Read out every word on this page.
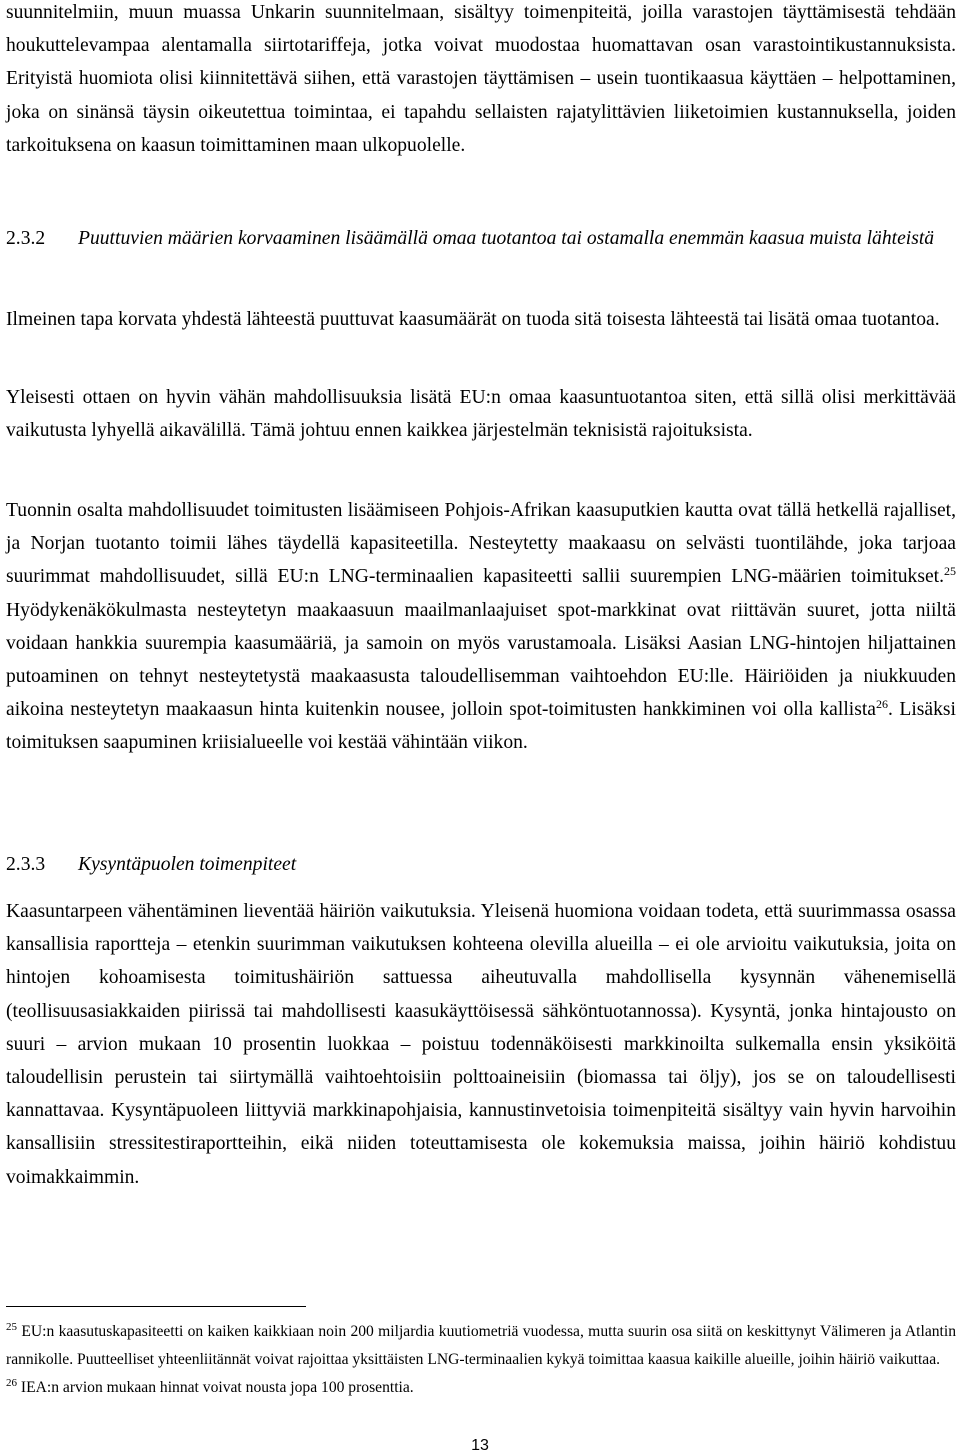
suunnitelmiin, muun muassa Unkarin suunnitelmaan, sisältyy toimenpiteitä, joilla varastojen täyttämisestä tehdään houkuttelevampaa alentamalla siirtotariffeja, jotka voivat muodostaa huomattavan osan varastointikustannuksista. Erityistä huomiota olisi kiinnitettävä siihen, että varastojen täyttämisen – usein tuontikaasua käyttäen – helpottaminen, joka on sinänsä täysin oikeutettua toimintaa, ei tapahdu sellaisten rajatylittävien liiketoimien kustannuksella, joiden tarkoituksena on kaasun toimittaminen maan ulkopuolelle.

2.3.2 Puuttuvien määrien korvaaminen lisäämällä omaa tuotantoa tai ostamalla enemmän kaasua muista lähteistä

Ilmeinen tapa korvata yhdestä lähteestä puuttuvat kaasumäärät on tuoda sitä toisesta lähteestä tai lisätä omaa tuotantoa.

Yleisesti ottaen on hyvin vähän mahdollisuuksia lisätä EU:n omaa kaasuntuotantoa siten, että sillä olisi merkittävää vaikutusta lyhyellä aikavälillä. Tämä johtuu ennen kaikkea järjestelmän teknisistä rajoituksista.

Tuonnin osalta mahdollisuudet toimitusten lisäämiseen Pohjois-Afrikan kaasuputkien kautta ovat tällä hetkellä rajalliset, ja Norjan tuotanto toimii lähes täydellä kapasiteetilla. Nesteytetty maakaasu on selvästi tuontilähde, joka tarjoaa suurimmat mahdollisuudet, sillä EU:n LNG-terminaalien kapasiteetti sallii suurempien LNG-määrien toimitukset.$^{25}$ Hyödykenäkökulmasta nesteytetyn maakaasuun maailmanlaajuiset spot-markkinat ovat riittävän suuret, jotta niiltä voidaan hankkia suurempia kaasumääriä, ja samoin on myös varustamoala. Lisäksi Aasian LNG-hintojen hiljattainen putoaminen on tehnyt nesteytetystä maakaasusta taloudellisemman vaihtoehdon EU:lle. Häiriöiden ja niukkuuden aikoina nesteytetyn maakaasun hinta kuitenkin nousee, jolloin spot-toimitusten hankkiminen voi olla kallista$^{26}$. Lisäksi toimituksen saapuminen kriisialueelle voi kestää vähintään viikon.

2.3.3 Kysyntäpuolen toimenpiteet

Kaasuntarpeen vähentäminen lieventää häiriön vaikutuksia. Yleisenä huomiona voidaan todeta, että suurimmassa osassa kansallisia raportteja – etenkin suurimman vaikutuksen kohteena olevilla alueilla – ei ole arvioitu vaikutuksia, joita on hintojen kohoamisesta toimitushäiriön sattuessa aiheutuvalla mahdollisella kysynnän vähenemisellä (teollisuusasiakkaiden piirissä tai mahdollisesti kaasukäyttöisessä sähköntuotannossa). Kysyntä, jonka hintajousto on suuri – arvion mukaan 10 prosentin luokkaa – poistuu todennäköisesti markkinoilta sulkemalla ensin yksiköitä taloudellisin perustein tai siirtymällä vaihtoehtoisiin polttoaineisiin (biomassa tai öljy), jos se on taloudellisesti kannattavaa. Kysyntäpuoleen liittyviä markkinapohjaisia, kannustinvetoisia toimenpiteitä sisältyy vain hyvin harvoihin kansallisiin stressitestiraportteihin, eikä niiden toteuttamisesta ole kokemuksia maissa, joihin häiriö kohdistuu voimakkaimmin.

$^{25}$ EU:n kaasutuskapasiteetti on kaiken kaikkiaan noin 200 miljardia kuutiometriä vuodessa, mutta suurin osa siitä on keskittynyt Välimeren ja Atlantin rannikolle. Puutteelliset yhteenliitännät voivat rajoittaa yksittäisten LNG-terminaalien kykyä toimittaa kaasua kaikille alueille, joihin häiriö vaikuttaa.

$^{26}$ IEA:n arvion mukaan hinnat voivat nousta jopa 100 prosenttia.

13
